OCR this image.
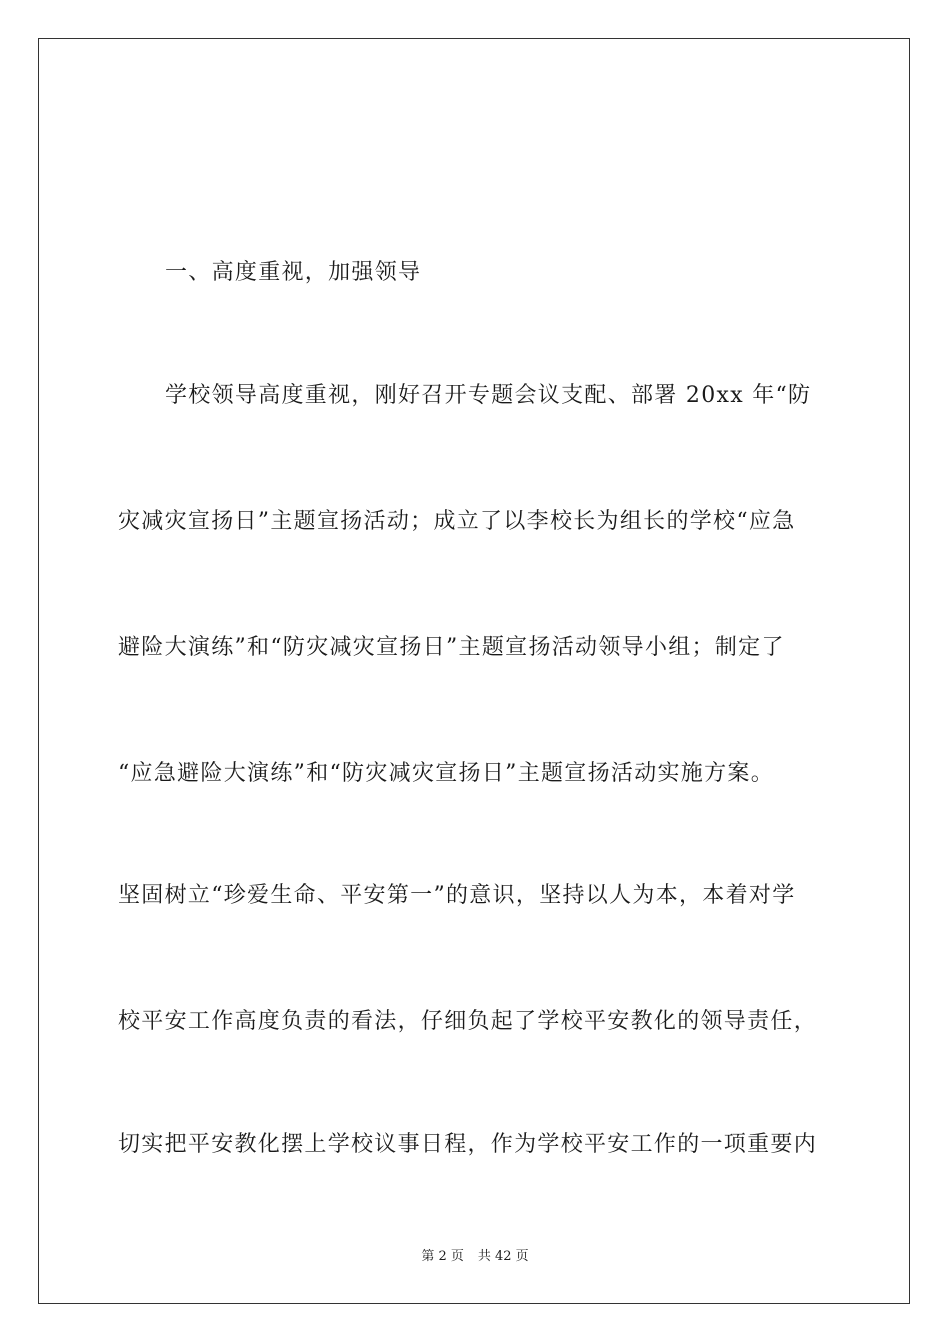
一、高度重视，加强领导
学校领导高度重视，刚好召开专题会议支配、部署 20xx 年“防
灾减灾宣扬日”主题宣扬活动；成立了以李校长为组长的学校“应急
避险大演练”和“防灾减灾宣扬日”主题宣扬活动领导小组；制定了
“应急避险大演练”和“防灾减灾宣扬日”主题宣扬活动实施方案。
坚固树立“珍爱生命、平安第一”的意识，坚持以人为本，本着对学
校平安工作高度负责的看法，仔细负起了学校平安教化的领导责任，
切实把平安教化摆上学校议事日程，作为学校平安工作的一项重要内
第 2 页 共 42 页
